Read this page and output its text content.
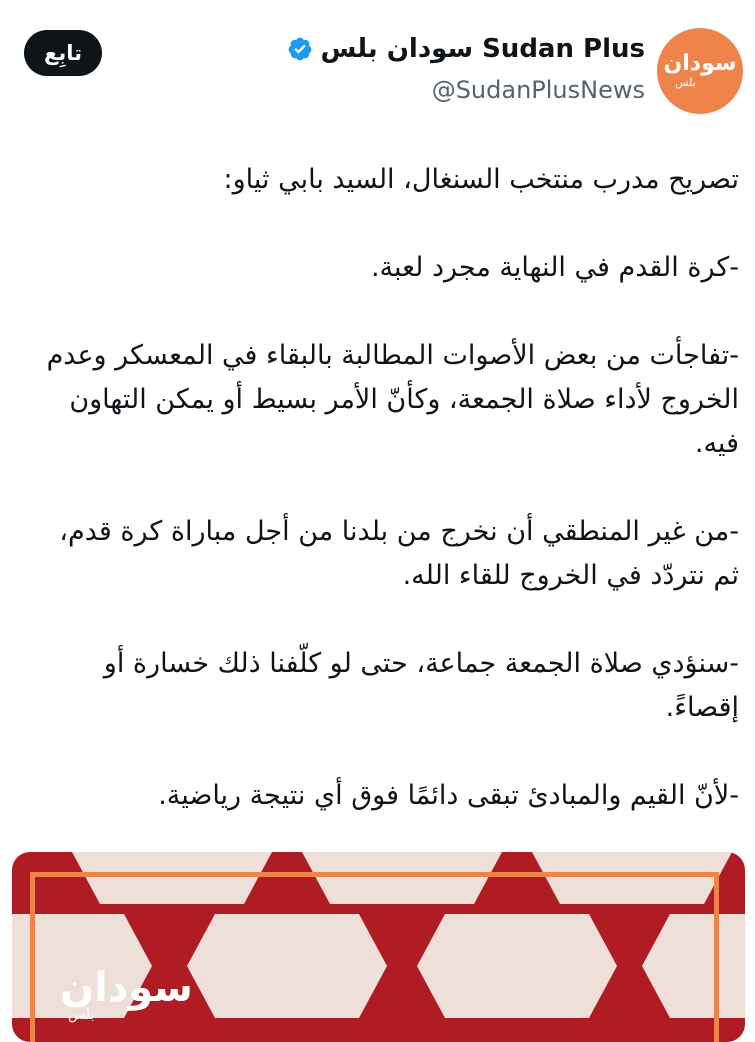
سودان
بلس
سودان بلس Sudan Plus
@SudanPlusNews
تابِع

تصريح مدرب منتخب السنغال، السيد بابي ثياو:

-كرة القدم في النهاية مجرد لعبة.

-تفاجأت من بعض الأصوات المطالبة بالبقاء في المعسكر وعدم الخروج لأداء صلاة الجمعة، وكأنّ الأمر بسيط أو يمكن التهاون فيه.

-من غير المنطقي أن نخرج من بلدنا من أجل مباراة كرة قدم، ثم نتردّد في الخروج للقاء الله.

-سنؤدي صلاة الجمعة جماعة، حتى لو كلّفنا ذلك خسارة أو إقصاءً.

-لأنّ القيم والمبادئ تبقى دائمًا فوق أي نتيجة رياضية.

سودان
بلس
